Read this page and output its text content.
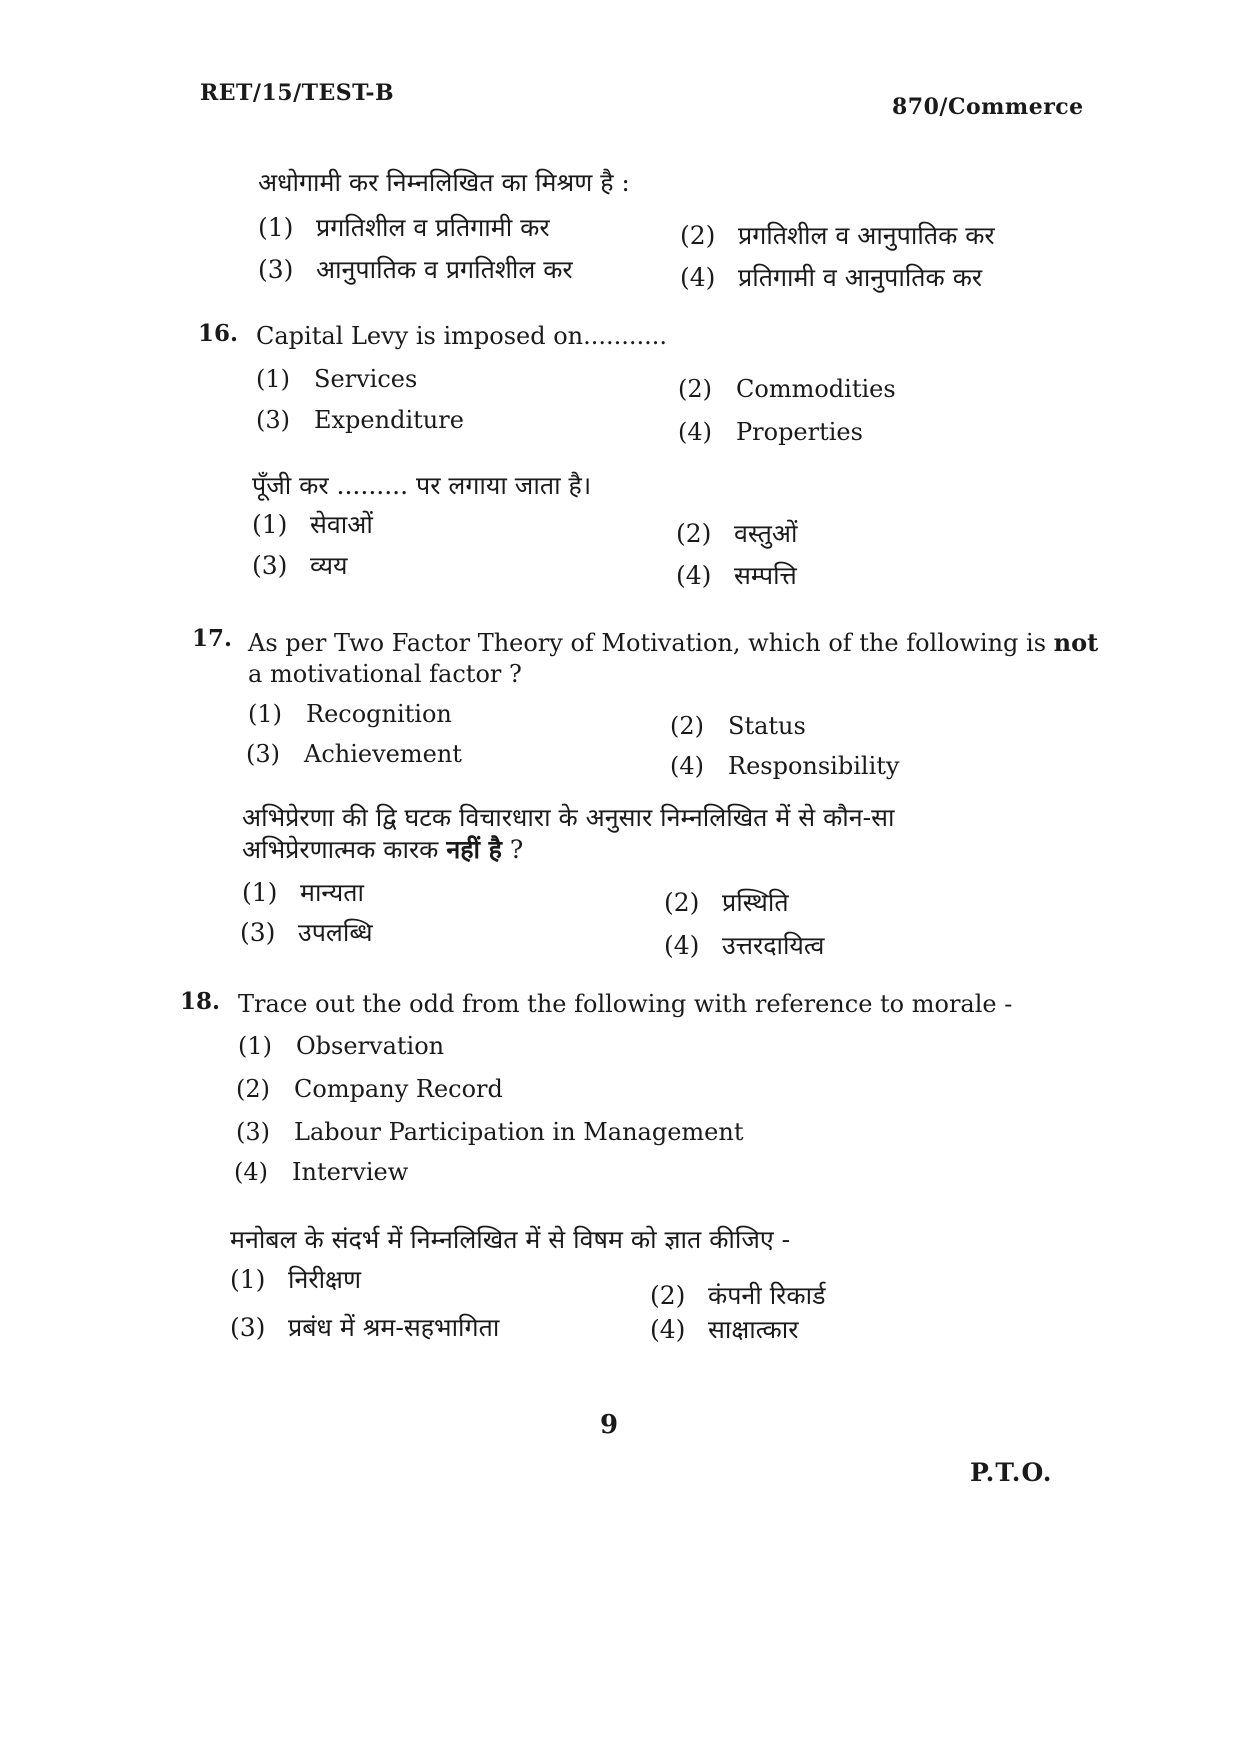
RET/15/TEST-B
870/Commerce
अधोगामी कर निम्नलिखित का मिश्रण है :
(1) प्रगतिशील व प्रतिगामी कर	(2) प्रगतिशील व आनुपातिक कर
(3) आनुपातिक व प्रगतिशील कर	(4) प्रतिगामी व आनुपातिक कर
16. Capital Levy is imposed on...........
(1) Services	(2) Commodities
(3) Expenditure	(4) Properties
पूँजी कर ......... पर लगाया जाता है।
(1) सेवाओं	(2) वस्तुओं
(3) व्यय	(4) सम्पत्ति
17. As per Two Factor Theory of Motivation, which of the following is not
a motivational factor ?
(1) Recognition	(2) Status
(3) Achievement	(4) Responsibility
अभिप्रेरणा की द्वि घटक विचारधारा के अनुसार निम्नलिखित में से कौन-सा
अभिप्रेरणात्मक कारक नहीं है ?
(1) मान्यता	(2) प्रस्थिति
(3) उपलब्धि	(4) उत्तरदायित्व
18. Trace out the odd from the following with reference to morale -
(1) Observation
(2) Company Record
(3) Labour Participation in Management
(4) Interview
मनोबल के संदर्भ में निम्नलिखित में से विषम को ज्ञात कीजिए -
(1) निरीक्षण
(2) कंपनी रिकार्ड
(3) प्रबंध में श्रम-सहभागिता	(4) साक्षात्कार
9
P.T.O.
